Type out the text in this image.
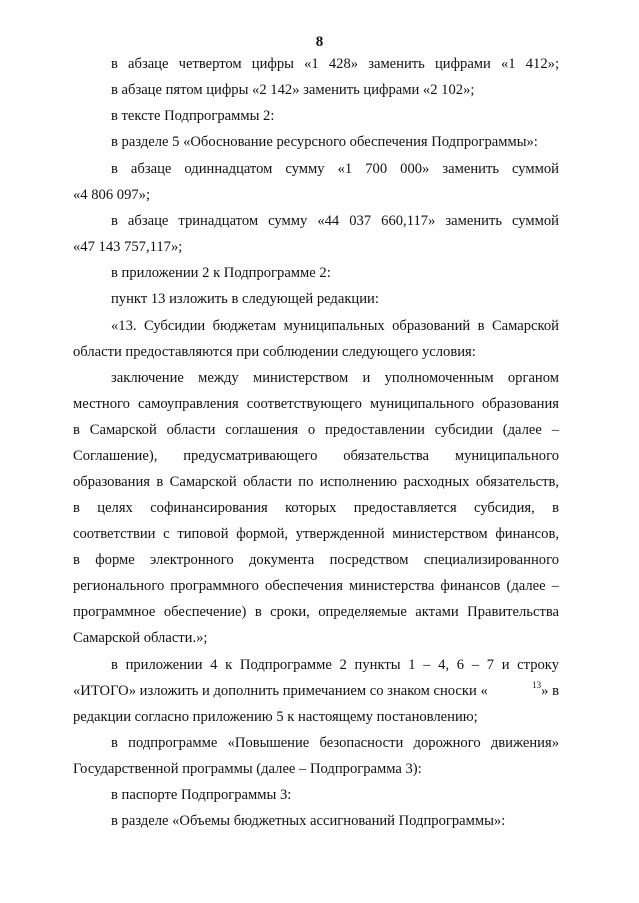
8
в абзаце четвертом цифры «1 428» заменить цифрами «1 412»;
в абзаце пятом цифры «2 142» заменить цифрами «2 102»;
в тексте Подпрограммы 2:
в разделе 5 «Обоснование ресурсного обеспечения Подпрограммы»:
в абзаце одиннадцатом сумму «1 700 000» заменить суммой
«4 806 097»;
в абзаце тринадцатом сумму «44 037 660,117» заменить суммой
«47 143 757,117»;
в приложении 2 к Подпрограмме 2:
пункт 13 изложить в следующей редакции:
«13. Субсидии бюджетам муниципальных образований в Самарской
области предоставляются при соблюдении следующего условия:
заключение между министерством и уполномоченным органом
местного самоуправления соответствующего муниципального образования
в Самарской области соглашения о предоставлении субсидии (далее –
Соглашение), предусматривающего обязательства муниципального
образования в Самарской области по исполнению расходных обязательств,
в целях софинансирования которых предоставляется субсидия, в
соответствии с типовой формой, утвержденной министерством финансов,
в форме электронного документа посредством специализированного
регионального программного обеспечения министерства финансов (далее –
программное обеспечение) в сроки, определяемые актами Правительства
Самарской области.»;
в приложении 4 к Подпрограмме 2 пункты 1 – 4, 6 – 7 и строку
«ИТОГО» изложить и дополнить примечанием со знаком сноски «	$^{13}$» в
редакции согласно приложению 5 к настоящему постановлению;
в подпрограмме «Повышение безопасности дорожного движения»
Государственной программы (далее – Подпрограмма 3):
в паспорте Подпрограммы 3:
в разделе «Объемы бюджетных ассигнований Подпрограммы»:
